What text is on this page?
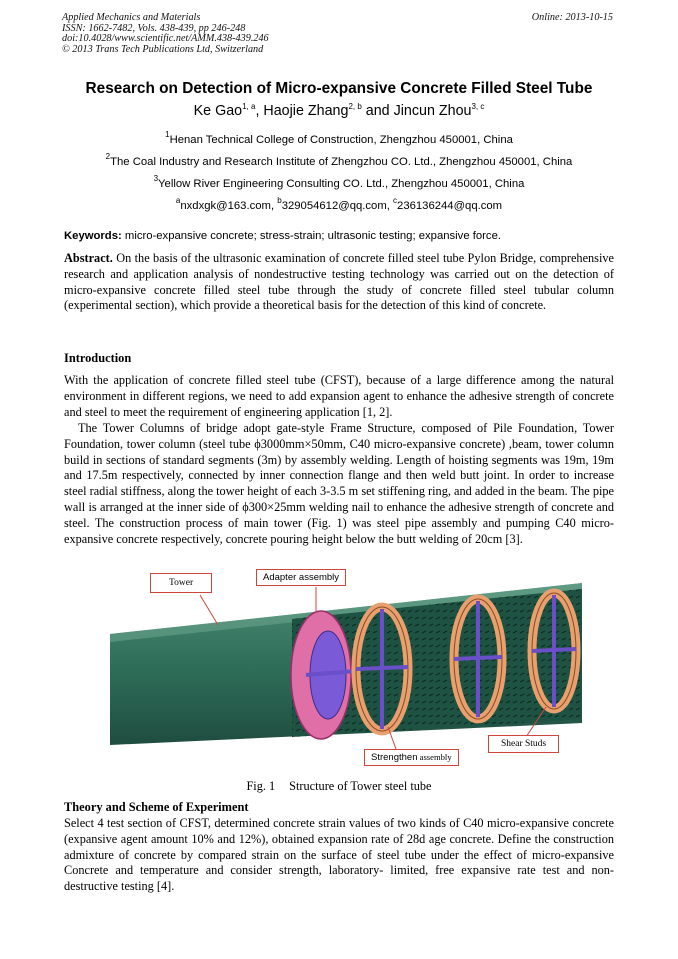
Applied Mechanics and Materials
ISSN: 1662-7482, Vols. 438-439, pp 246-248
doi:10.4028/www.scientific.net/AMM.438-439.246
© 2013 Trans Tech Publications Ltd, Switzerland
Online: 2013-10-15
Research on Detection of Micro-expansive Concrete Filled Steel Tube
Ke Gao$^{1, a}$, Haojie Zhang$^{2, b}$ and Jincun Zhou$^{3, c}$
$^1$Henan Technical College of Construction, Zhengzhou 450001, China
$^2$The Coal Industry and Research Institute of Zhengzhou CO. Ltd., Zhengzhou 450001, China
$^3$Yellow River Engineering Consulting CO. Ltd., Zhengzhou 450001, China
$^a$nxdxgk@163.com, $^b$329054612@qq.com, $^c$236136244@qq.com
Keywords: micro-expansive concrete; stress-strain; ultrasonic testing; expansive force.
Abstract. On the basis of the ultrasonic examination of concrete filled steel tube Pylon Bridge, comprehensive research and application analysis of nondestructive testing technology was carried out on the detection of micro-expansive concrete filled steel tube through the study of concrete filled steel tubular column (experimental section), which provide a theoretical basis for the detection of this kind of concrete.
Introduction
With the application of concrete filled steel tube (CFST), because of a large difference among the natural environment in different regions, we need to add expansion agent to enhance the adhesive strength of concrete and steel to meet the requirement of engineering application [1, 2].
The Tower Columns of bridge adopt gate-style Frame Structure, composed of Pile Foundation, Tower Foundation, tower column (steel tube ϕ3000mm×50mm, C40 micro-expansive concrete) ,beam, tower column build in sections of standard segments (3m) by assembly welding. Length of hoisting segments was 19m, 19m and 17.5m respectively, connected by inner connection flange and then weld butt joint. In order to increase steel radial stiffness, along the tower height of each 3-3.5 m set stiffening ring, and added in the beam. The pipe wall is arranged at the inner side of ϕ300×25mm welding nail to enhance the adhesive strength of concrete and steel. The construction process of main tower (Fig. 1) was steel pipe assembly and pumping C40 micro-expansive concrete respectively, concrete pouring height below the butt welding of 20cm [3].
Tower	Adapter assembly
Strengthen assembly
Shear Studs
Fig. 1 Structure of Tower steel tube
Theory and Scheme of Experiment
Select 4 test section of CFST, determined concrete strain values of two kinds of C40 micro-expansive concrete (expansive agent amount 10% and 12%), obtained expansion rate of 28d age concrete. Define the construction admixture of concrete by compared strain on the surface of steel tube under the effect of micro-expansive Concrete and temperature and consider strength, laboratory- limited, free expansive rate test and non-destructive testing [4].
